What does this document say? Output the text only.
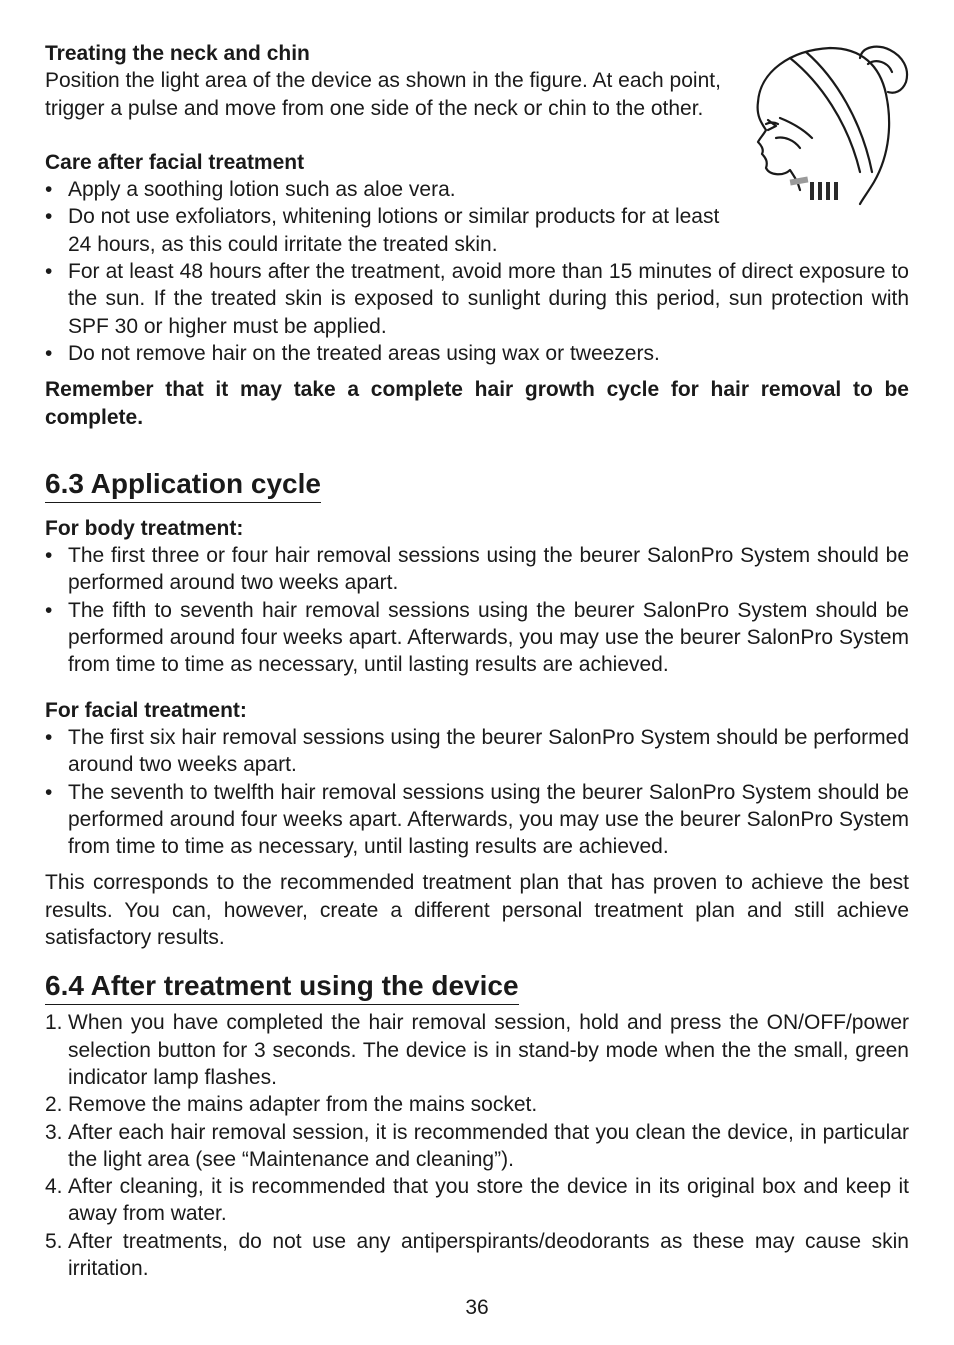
Treating the neck and chin

Position the light area of the device as shown in the figure. At each point, trigger a pulse and move from one side of the neck or chin to the other.

Care after facial treatment

• Apply a soothing lotion such as aloe vera.
• Do not use exfoliators, whitening lotions or similar products for at least 24 hours, as this could irritate the treated skin.
• For at least 48 hours after the treatment, avoid more than 15 minutes of direct exposure to the sun. If the treated skin is exposed to sunlight during this period, sun protection with SPF 30 or higher must be applied.
• Do not remove hair on the treated areas using wax or tweezers.

Remember that it may take a complete hair growth cycle for hair removal to be complete.

6.3 Application cycle

For body treatment:

• The first three or four hair removal sessions using the beurer SalonPro System should be performed around two weeks apart.
• The fifth to seventh hair removal sessions using the beurer SalonPro System should be performed around four weeks apart. Afterwards, you may use the beurer SalonPro System from time to time as necessary, until lasting results are achieved.

For facial treatment:

• The first six hair removal sessions using the beurer SalonPro System should be performed around two weeks apart.
• The seventh to twelfth hair removal sessions using the beurer SalonPro System should be performed around four weeks apart. Afterwards, you may use the beurer SalonPro System from time to time as necessary, until lasting results are achieved.

This corresponds to the recommended treatment plan that has proven to achieve the best results. You can, however, create a different personal treatment plan and still achieve satisfactory results.

6.4 After treatment using the device
1. When you have completed the hair removal session, hold and press the ON/OFF/power selection button for 3 seconds. The device is in stand-by mode when the the small, green indicator lamp flashes.
2. Remove the mains adapter from the mains socket.
3. After each hair removal session, it is recommended that you clean the device, in particular the light area (see “Maintenance and cleaning”).
4. After cleaning, it is recommended that you store the device in its original box and keep it away from water.
5. After treatments, do not use any antiperspirants/deodorants as these may cause skin irritation.
36
